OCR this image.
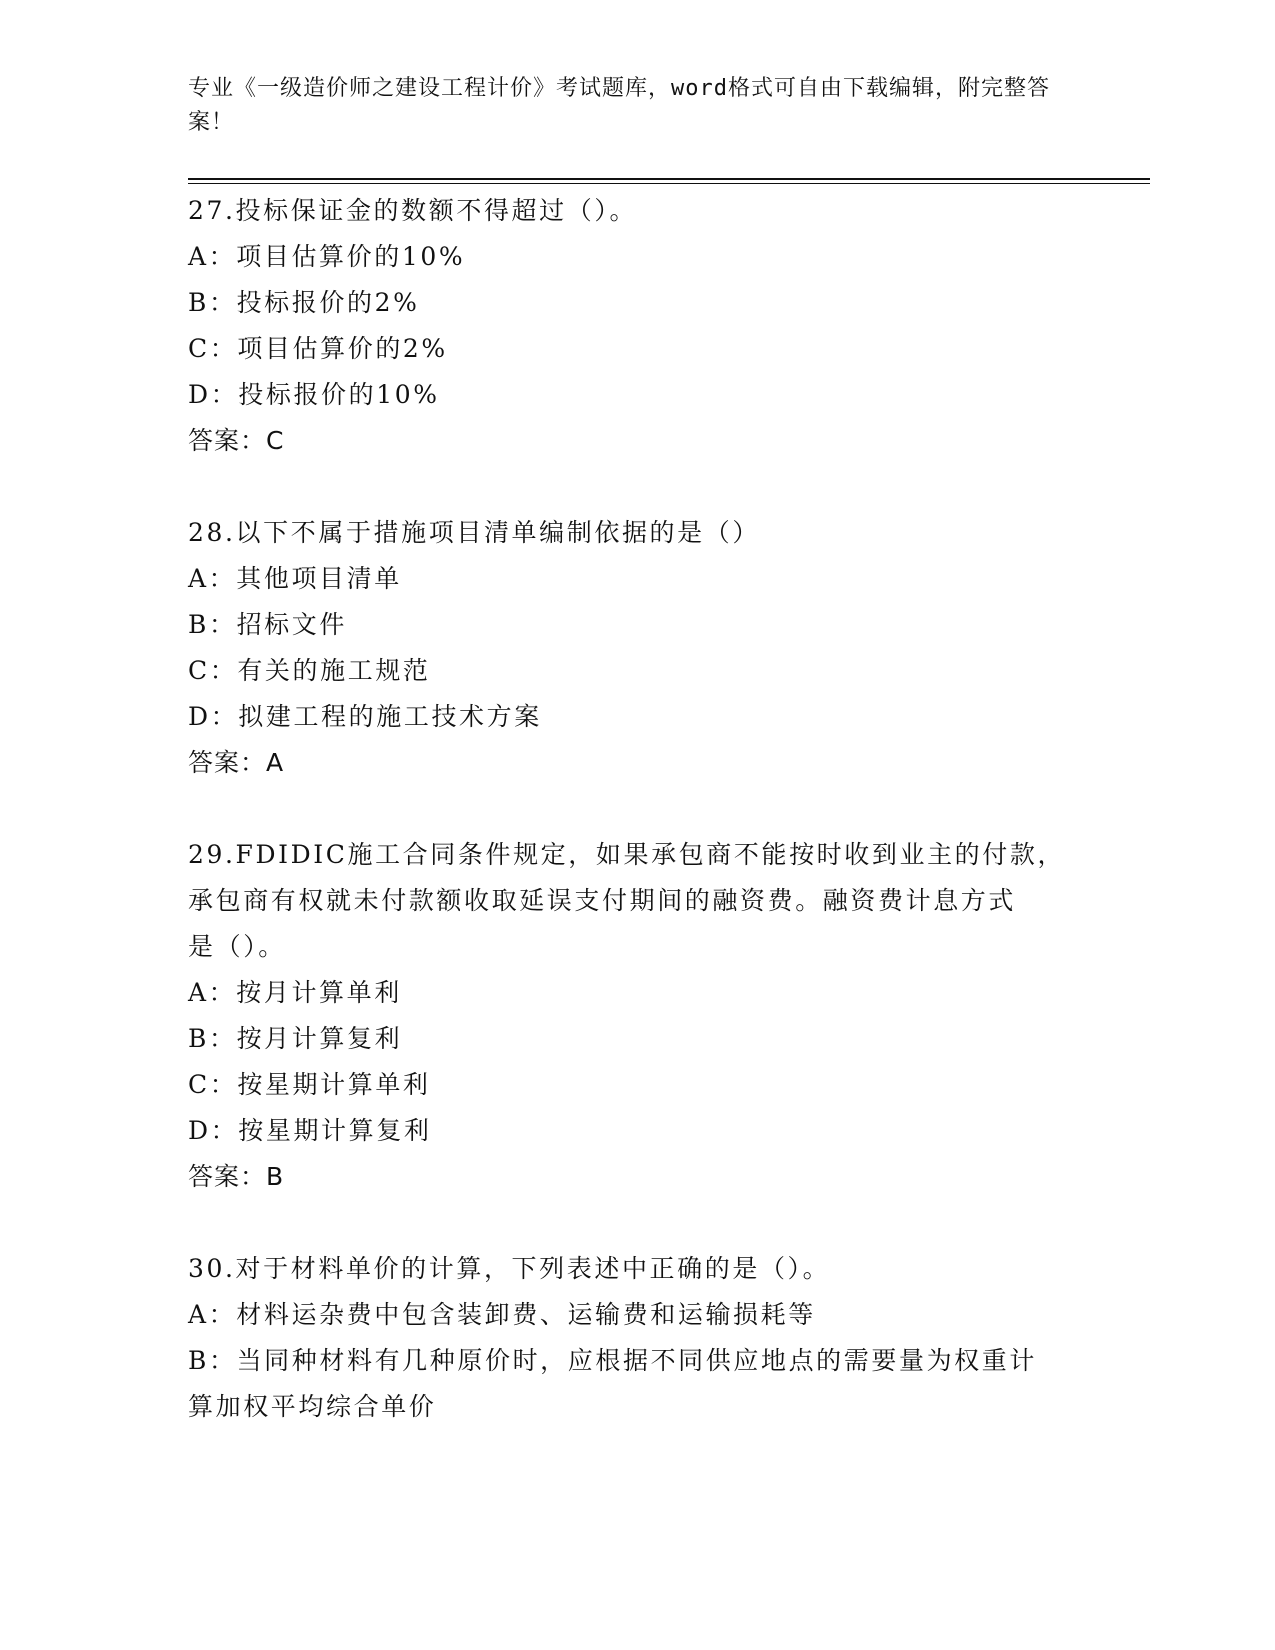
专业《一级造价师之建设工程计价》考试题库，word格式可自由下载编辑，附完整答案！
27.投标保证金的数额不得超过（）。
A：项目估算价的10%
B：投标报价的2%
C：项目估算价的2%
D：投标报价的10%
答案：C
28.以下不属于措施项目清单编制依据的是（）
A：其他项目清单
B：招标文件
C：有关的施工规范
D：拟建工程的施工技术方案
答案：A
29.FDIDIC施工合同条件规定，如果承包商不能按时收到业主的付款，
承包商有权就未付款额收取延误支付期间的融资费。融资费计息方式
是（）。
A：按月计算单利
B：按月计算复利
C：按星期计算单利
D：按星期计算复利
答案：B
30.对于材料单价的计算，下列表述中正确的是（）。
A：材料运杂费中包含装卸费、运输费和运输损耗等
B：当同种材料有几种原价时，应根据不同供应地点的需要量为权重计
算加权平均综合单价
